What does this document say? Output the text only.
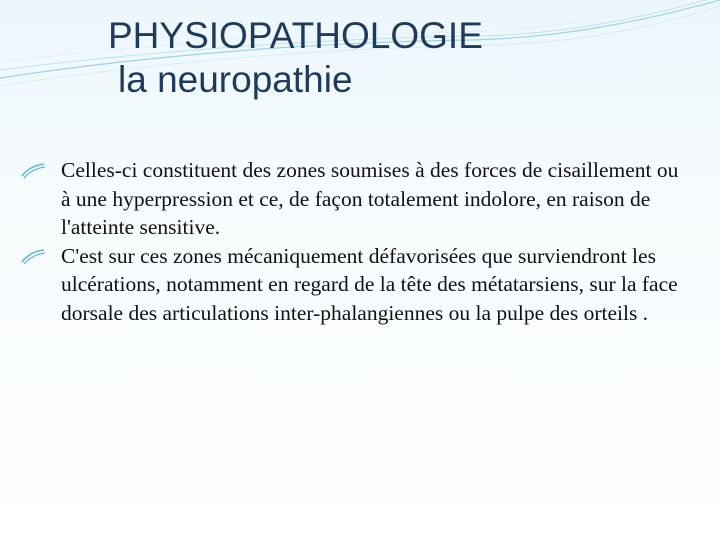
PHYSIOPATHOLOGIE
la neuropathie

Celles-ci constituent des zones soumises à des forces de cisaillement ou à une hyperpression et ce, de façon totalement indolore, en raison de l'atteinte sensitive.

C'est sur ces zones mécaniquement défavorisées que surviendront les ulcérations, notamment en regard de la tête des métatarsiens, sur la face dorsale des articulations inter-phalangiennes ou la pulpe des orteils .
